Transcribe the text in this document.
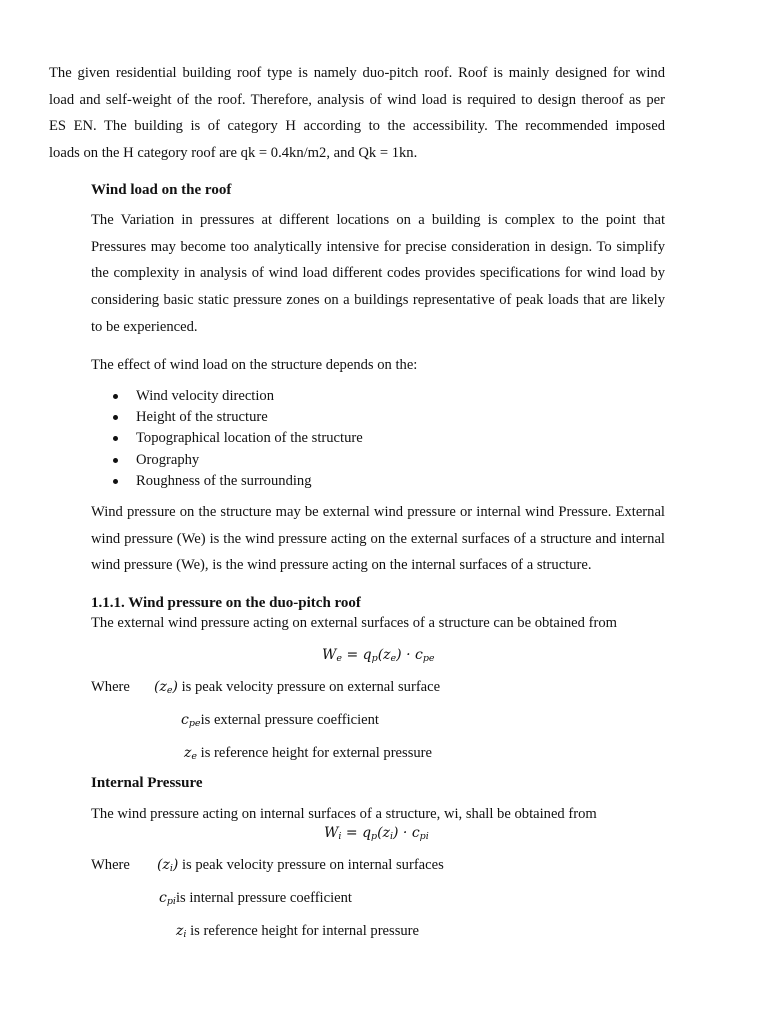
The given residential building roof type is namely duo-pitch roof. Roof is mainly designed for wind
load and self-weight of the roof. Therefore, analysis of wind load is required to design theroof as per
ES EN. The building is of category H according to the accessibility. The recommended imposed
loads on the H category roof are qk = 0.4kn/m2, and Qk = 1kn.
Wind load on the roof
The Variation in pressures at different locations on a building is complex to the point that
Pressures may become too analytically intensive for precise consideration in design. To simplify
the complexity in analysis of wind load different codes provides specifications for wind load by
considering basic static pressure zones on a buildings representative of peak loads that are likely
to be experienced.
The effect of wind load on the structure depends on the:
Wind velocity direction
Height of the structure
Topographical location of the structure
Orography
Roughness of the surrounding
Wind pressure on the structure may be external wind pressure or internal wind Pressure. External
wind pressure (We) is the wind pressure acting on the external surfaces of a structure and internal
wind pressure (We), is the wind pressure acting on the internal surfaces of a structure.
1.1.1. Wind pressure on the duo-pitch roof
The external wind pressure acting on external surfaces of a structure can be obtained from
$W_e = q_p(z_e) \cdot c_{pe}$
Where $(z_e)$ is peak velocity pressure on external surface
$c_{pe}is$ external pressure coefficient
$z_e$ is reference height for external pressure
Internal Pressure
The wind pressure acting on internal surfaces of a structure, wi, shall be obtained from
$W_i = q_p(z_i) \cdot c_{pi}$
Where $(z_i)$ is peak velocity pressure on internal surfaces
$c_{pi}is$ internal pressure coefficient
$z_i$ is reference height for internal pressure
